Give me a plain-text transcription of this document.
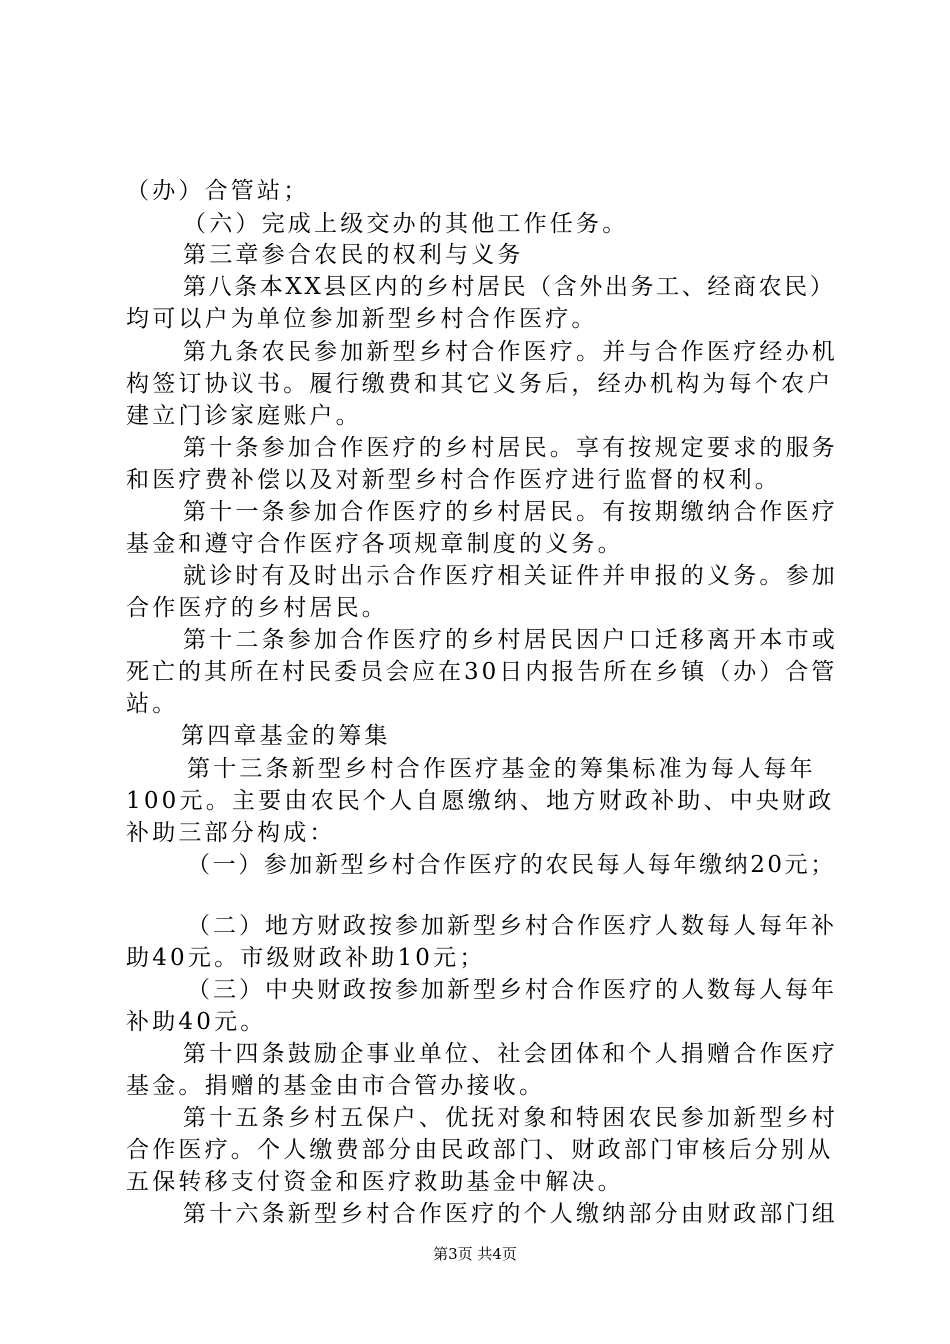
（办）合管站；
（六）完成上级交办的其他工作任务。
第三章参合农民的权利与义务
第八条本XX县区内的乡村居民（含外出务工、经商农民）
均可以户为单位参加新型乡村合作医疗。
第九条农民参加新型乡村合作医疗。并与合作医疗经办机
构签订协议书。履行缴费和其它义务后，经办机构为每个农户
建立门诊家庭账户。
第十条参加合作医疗的乡村居民。享有按规定要求的服务
和医疗费补偿以及对新型乡村合作医疗进行监督的权利。
第十一条参加合作医疗的乡村居民。有按期缴纳合作医疗
基金和遵守合作医疗各项规章制度的义务。
就诊时有及时出示合作医疗相关证件并申报的义务。参加
合作医疗的乡村居民。
第十二条参加合作医疗的乡村居民因户口迁移离开本市或
死亡的其所在村民委员会应在30日内报告所在乡镇（办）合管
站。
第四章基金的筹集
第十三条新型乡村合作医疗基金的筹集标准为每人每年
100元。主要由农民个人自愿缴纳、地方财政补助、中央财政
补助三部分构成：
（一）参加新型乡村合作医疗的农民每人每年缴纳20元；
（二）地方财政按参加新型乡村合作医疗人数每人每年补
助40元。市级财政补助10元；
（三）中央财政按参加新型乡村合作医疗的人数每人每年
补助40元。
第十四条鼓励企事业单位、社会团体和个人捐赠合作医疗
基金。捐赠的基金由市合管办接收。
第十五条乡村五保户、优抚对象和特困农民参加新型乡村
合作医疗。个人缴费部分由民政部门、财政部门审核后分别从
五保转移支付资金和医疗救助基金中解决。
第十六条新型乡村合作医疗的个人缴纳部分由财政部门组
第3页 共4页
